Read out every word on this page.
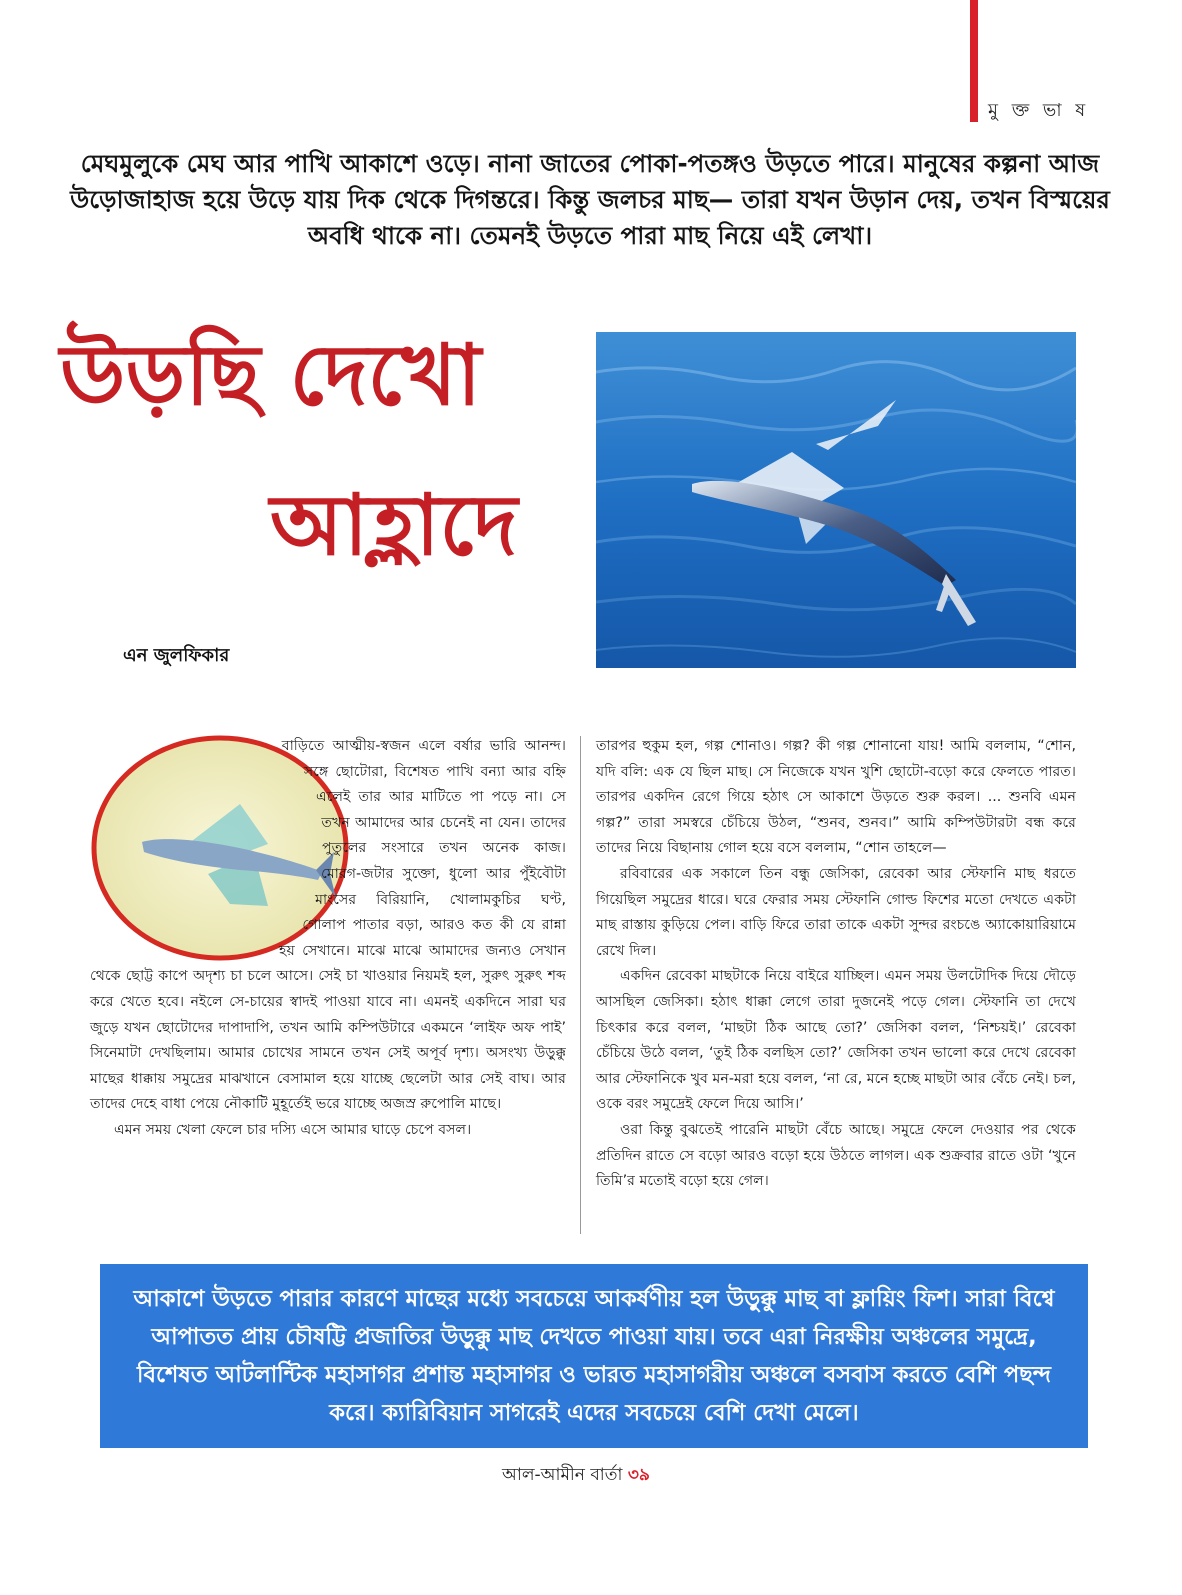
মু ক্ত ভা ষ
মেঘমুলুকে মেঘ আর পাখি আকাশে ওড়ে। নানা জাতের পোকা-পতঙ্গও উড়তে পারে। মানুষের কল্পনা আজ উড়োজাহাজ হয়ে উড়ে যায় দিক থেকে দিগন্তরে। কিন্তু জলচর মাছ— তারা যখন উড়ান দেয়, তখন বিস্ময়ের অবধি থাকে না। তেমনই উড়তে পারা মাছ নিয়ে এই লেখা।
উড়ছি দেখো
আহ্লাদে
এন জুলফিকার

বাড়িতে আত্মীয়-স্বজন এলে বর্ষার ভারি আনন্দ। সঙ্গে ছোটোরা, বিশেষত পাখি বন্যা আর বহ্নি এলেই তার আর মাটিতে পা পড়ে না। সে তখন আমাদের আর চেনেই না যেন। তাদের পুতুলের সংসারে তখন অনেক কাজ। মোরগ-জটার সুক্তো, ধুলো আর পুঁইবৌটা মাংসের বিরিয়ানি, খোলামকুচির ঘণ্ট, গোলাপ পাতার বড়া, আরও কত কী যে রান্না হয় সেখানে। মাঝে মাঝে আমাদের জন্যও সেখান থেকে ছোট্ট কাপে অদৃশ্য চা চলে আসে। সেই চা খাওয়ার নিয়মই হল, সুরুৎ সুরুৎ শব্দ করে খেতে হবে। নইলে সে-চায়ের স্বাদই পাওয়া যাবে না। এমনই একদিনে সারা ঘর জুড়ে যখন ছোটোদের দাপাদাপি, তখন আমি কম্পিউটারে একমনে ‘লাইফ অফ পাই’ সিনেমাটা দেখছিলাম। আমার চোখের সামনে তখন সেই অপূর্ব দৃশ্য। অসংখ্য উড়ুক্কু মাছের ধাক্কায় সমুদ্রের মাঝখানে বেসামাল হয়ে যাচ্ছে ছেলেটা আর সেই বাঘ। আর তাদের দেহে বাধা পেয়ে নৌকাটি মুহূর্তেই ভরে যাচ্ছে অজস্র রুপোলি মাছে।

এমন সময় খেলা ফেলে চার দস্যি এসে আমার ঘাড়ে চেপে বসল।

তারপর হুকুম হল, গল্প শোনাও। গল্প? কী গল্প শোনানো যায়! আমি বললাম, “শোন, যদি বলি: এক যে ছিল মাছ। সে নিজেকে যখন খুশি ছোটো-বড়ো করে ফেলতে পারত। তারপর একদিন রেগে গিয়ে হঠাৎ সে আকাশে উড়তে শুরু করল। ... শুনবি এমন গল্প?” তারা সমস্বরে চেঁচিয়ে উঠল, “শুনব, শুনব।” আমি কম্পিউটারটা বন্ধ করে তাদের নিয়ে বিছানায় গোল হয়ে বসে বললাম, “শোন তাহলে—

রবিবারের এক সকালে তিন বন্ধু জেসিকা, রেবেকা আর স্টেফানি মাছ ধরতে গিয়েছিল সমুদ্রের ধারে। ঘরে ফেরার সময় স্টেফানি গোল্ড ফিশের মতো দেখতে একটা মাছ রাস্তায় কুড়িয়ে পেল। বাড়ি ফিরে তারা তাকে একটা সুন্দর রংচঙে অ্যাকোয়ারিয়ামে রেখে দিল।

একদিন রেবেকা মাছটাকে নিয়ে বাইরে যাচ্ছিল। এমন সময় উলটোদিক দিয়ে দৌড়ে আসছিল জেসিকা। হঠাৎ ধাক্কা লেগে তারা দুজনেই পড়ে গেল। স্টেফানি তা দেখে চিৎকার করে বলল, ‘মাছটা ঠিক আছে তো?’ জেসিকা বলল, ‘নিশ্চয়ই।’ রেবেকা চেঁচিয়ে উঠে বলল, ‘তুই ঠিক বলছিস তো?’ জেসিকা তখন ভালো করে দেখে রেবেকা আর স্টেফানিকে খুব মন-মরা হয়ে বলল, ‘না রে, মনে হচ্ছে মাছটা আর বেঁচে নেই। চল, ওকে বরং সমুদ্রেই ফেলে দিয়ে আসি।’

ওরা কিন্তু বুঝতেই পারেনি মাছটা বেঁচে আছে। সমুদ্রে ফেলে দেওয়ার পর থেকে প্রতিদিন রাতে সে বড়ো আরও বড়ো হয়ে উঠতে লাগল। এক শুক্রবার রাতে ওটা ‘খুনে তিমি’র মতোই বড়ো হয়ে গেল।

আকাশে উড়তে পারার কারণে মাছের মধ্যে সবচেয়ে আকর্ষণীয় হল উড়ুক্কু মাছ বা ফ্লায়িং ফিশ। সারা বিশ্বে আপাতত প্রায় চৌষট্টি প্রজাতির উড়ুক্কু মাছ দেখতে পাওয়া যায়। তবে এরা নিরক্ষীয় অঞ্চলের সমুদ্রে, বিশেষত আটলান্টিক মহাসাগর প্রশান্ত মহাসাগর ও ভারত মহাসাগরীয় অঞ্চলে বসবাস করতে বেশি পছন্দ করে। ক্যারিবিয়ান সাগরেই এদের সবচেয়ে বেশি দেখা মেলে।
আল-আমীন বার্তা ৩৯
